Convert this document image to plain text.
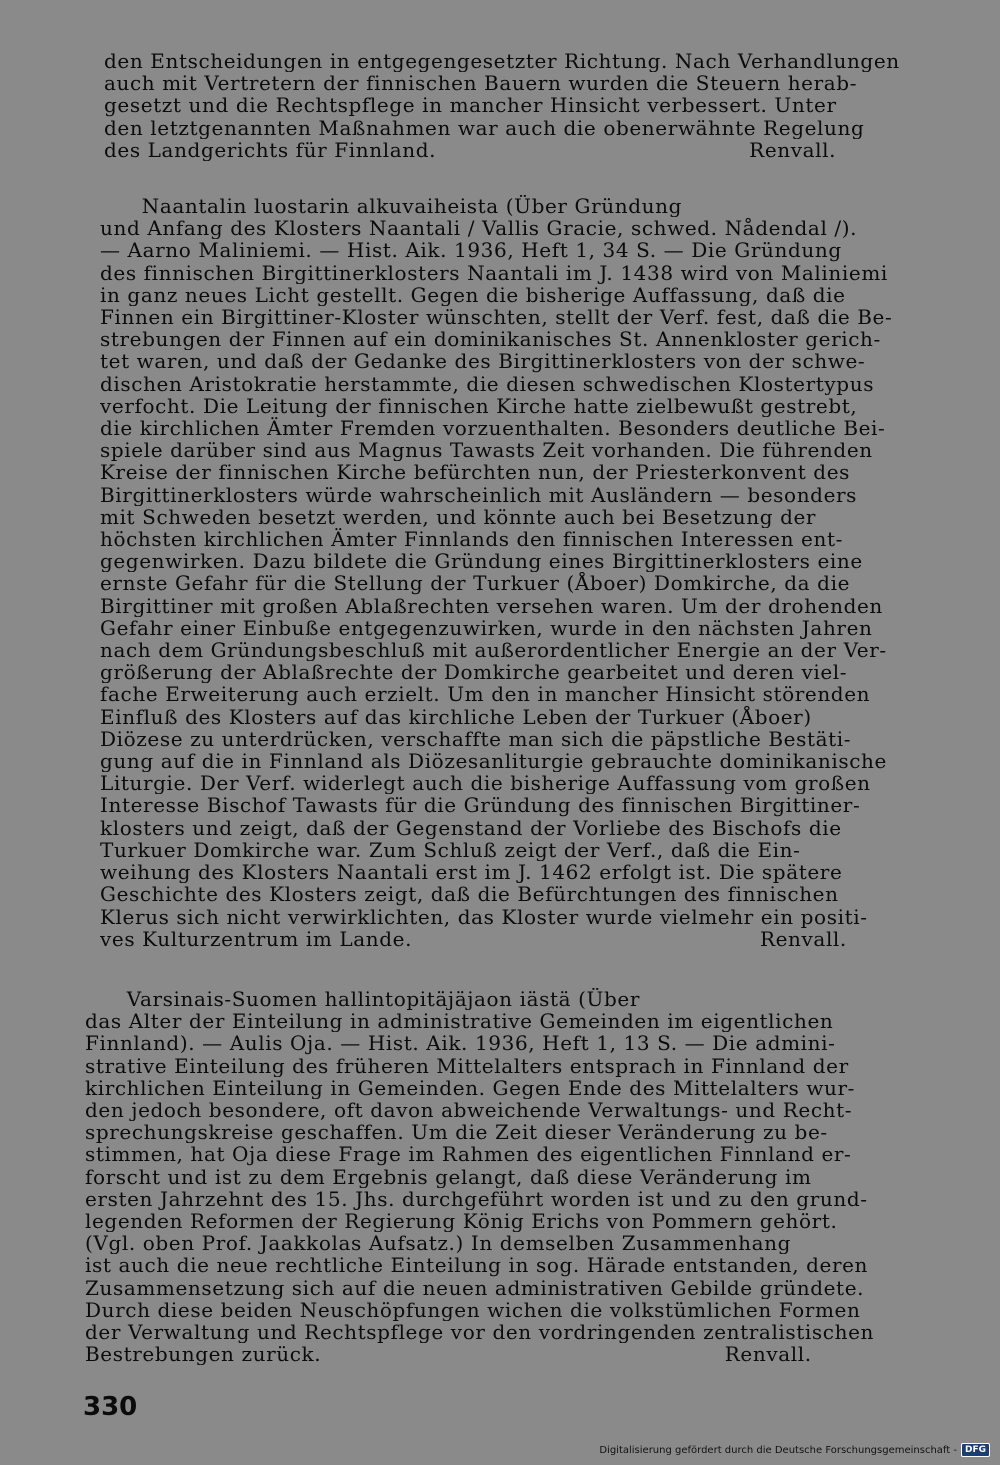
den Entscheidungen in entgegengesetzter Richtung. Nach Verhandlungen
auch mit Vertretern der finnischen Bauern wurden die Steuern herab-
gesetzt und die Rechtspflege in mancher Hinsicht verbessert. Unter
den letztgenannten Maßnahmen war auch die obenerwähnte Regelung
des Landgerichts für Finnland.                                             Renvall.
Naantalin luostarin alkuvaiheista (Über Gründung
und Anfang des Klosters Naantali / Vallis Gracie, schwed. Nådendal /).
— Aarno Maliniemi. — Hist. Aik. 1936, Heft 1, 34 S. — Die Gründung
des finnischen Birgittinerklosters Naantali im J. 1438 wird von Maliniemi
in ganz neues Licht gestellt. Gegen die bisherige Auffassung, daß die
Finnen ein Birgittiner-Kloster wünschten, stellt der Verf. fest, daß die Be-
strebungen der Finnen auf ein dominikanisches St. Annenkloster gerich-
tet waren, und daß der Gedanke des Birgittinerklosters von der schwe-
dischen Aristokratie herstammte, die diesen schwedischen Klostertypus
verfocht. Die Leitung der finnischen Kirche hatte zielbewußt gestrebt,
die kirchlichen Ämter Fremden vorzuenthalten. Besonders deutliche Bei-
spiele darüber sind aus Magnus Tawasts Zeit vorhanden. Die führenden
Kreise der finnischen Kirche befürchten nun, der Priesterkonvent des
Birgittinerklosters würde wahrscheinlich mit Ausländern — besonders
mit Schweden besetzt werden, und könnte auch bei Besetzung der
höchsten kirchlichen Ämter Finnlands den finnischen Interessen ent-
gegenwirken. Dazu bildete die Gründung eines Birgittinerklosters eine
ernste Gefahr für die Stellung der Turkuer (Åboer) Domkirche, da die
Birgittiner mit großen Ablaßrechten versehen waren. Um der drohenden
Gefahr einer Einbuße entgegenzuwirken, wurde in den nächsten Jahren
nach dem Gründungsbeschluß mit außerordentlicher Energie an der Ver-
größerung der Ablaßrechte der Domkirche gearbeitet und deren viel-
fache Erweiterung auch erzielt. Um den in mancher Hinsicht störenden
Einfluß des Klosters auf das kirchliche Leben der Turkuer (Åboer)
Diözese zu unterdrücken, verschaffte man sich die päpstliche Bestäti-
gung auf die in Finnland als Diözesanliturgie gebrauchte dominikanische
Liturgie. Der Verf. widerlegt auch die bisherige Auffassung vom großen
Interesse Bischof Tawasts für die Gründung des finnischen Birgittiner-
klosters und zeigt, daß der Gegenstand der Vorliebe des Bischofs die
Turkuer Domkirche war. Zum Schluß zeigt der Verf., daß die Ein-
weihung des Klosters Naantali erst im J. 1462 erfolgt ist. Die spätere
Geschichte des Klosters zeigt, daß die Befürchtungen des finnischen
Klerus sich nicht verwirklichten, das Kloster wurde vielmehr ein positi-
ves Kulturzentrum im Lande.                                                  Renvall.
Varsinais-Suomen hallintopitäjäjaon iästä (Über
das Alter der Einteilung in administrative Gemeinden im eigentlichen
Finnland). — Aulis Oja. — Hist. Aik. 1936, Heft 1, 13 S. — Die admini-
strative Einteilung des früheren Mittelalters entsprach in Finnland der
kirchlichen Einteilung in Gemeinden. Gegen Ende des Mittelalters wur-
den jedoch besondere, oft davon abweichende Verwaltungs- und Recht-
sprechungskreise geschaffen. Um die Zeit dieser Veränderung zu be-
stimmen, hat Oja diese Frage im Rahmen des eigentlichen Finnland er-
forscht und ist zu dem Ergebnis gelangt, daß diese Veränderung im
ersten Jahrzehnt des 15. Jhs. durchgeführt worden ist und zu den grund-
legenden Reformen der Regierung König Erichs von Pommern gehört.
(Vgl. oben Prof. Jaakkolas Aufsatz.) In demselben Zusammenhang
ist auch die neue rechtliche Einteilung in sog. Härade entstanden, deren
Zusammensetzung sich auf die neuen administrativen Gebilde gründete.
Durch diese beiden Neuschöpfungen wichen die volkstümlichen Formen
der Verwaltung und Rechtspflege vor den vordringenden zentralistischen
Bestrebungen zurück.                                                          Renvall.
330
Digitalisierung gefördert durch die Deutsche Forschungsgemeinschaft - DFG
